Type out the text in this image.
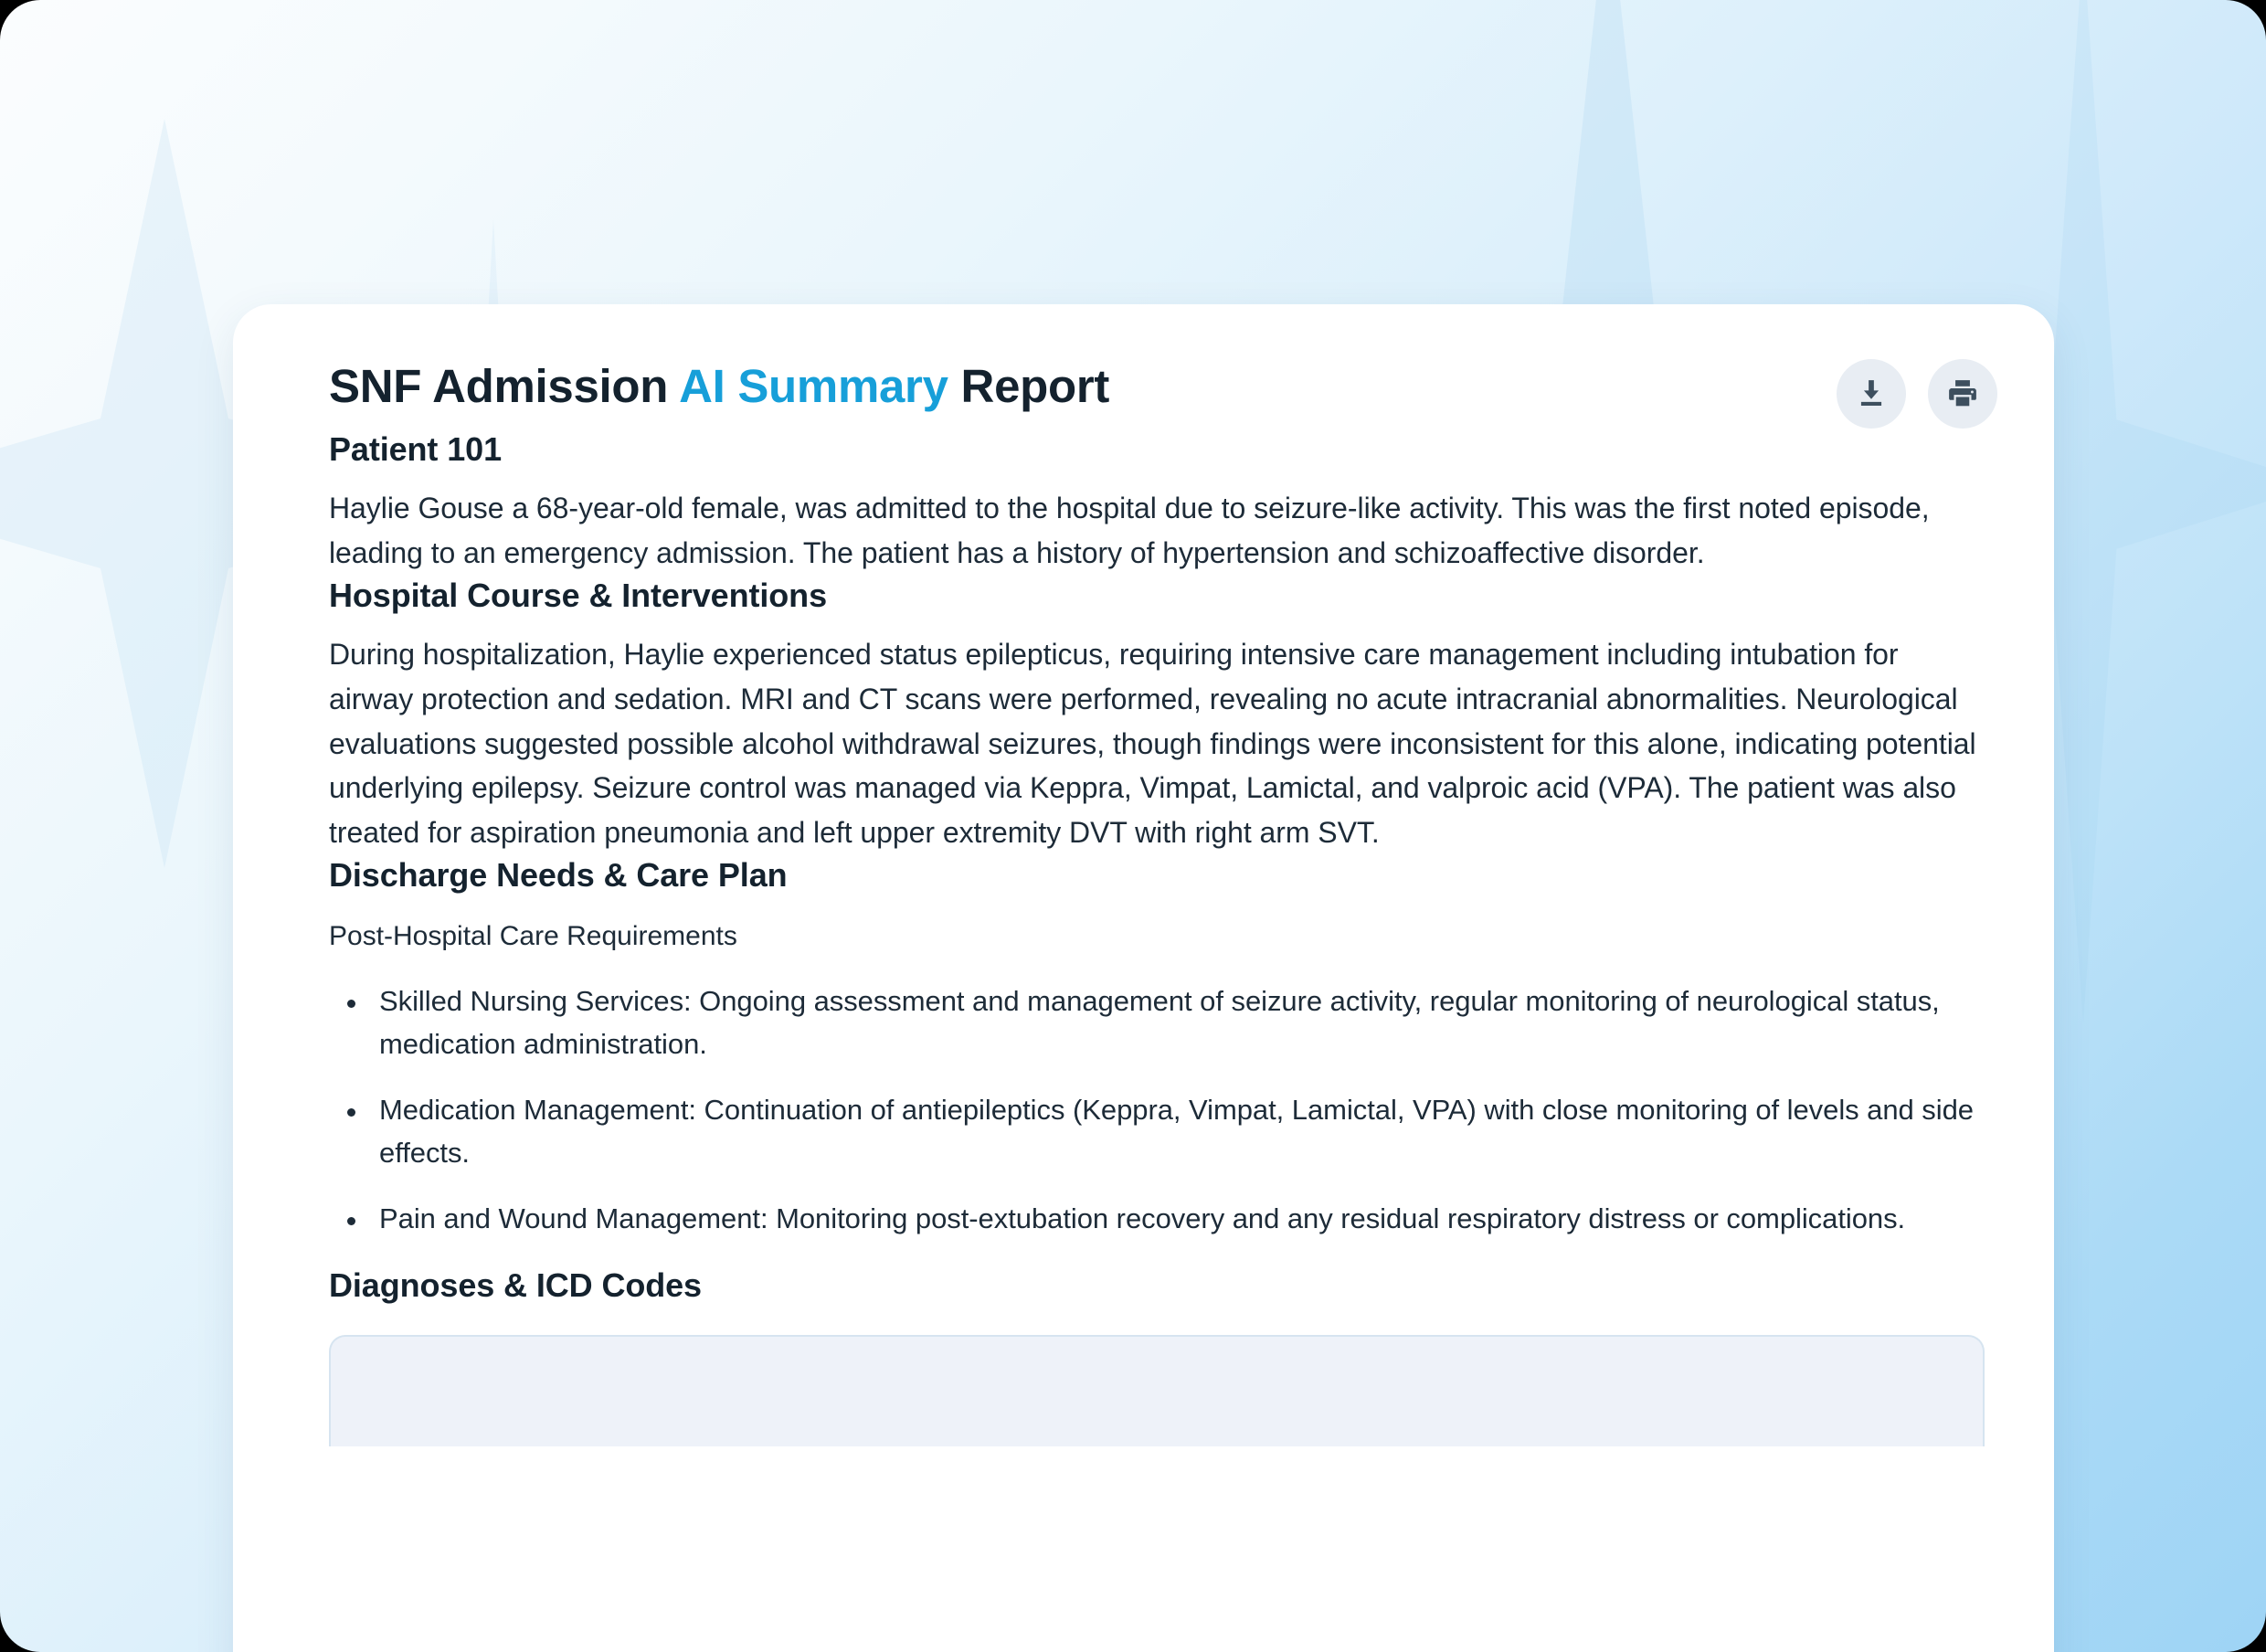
SNF Admission AI Summary Report
Patient 101

Haylie Gouse a 68-year-old female, was admitted to the hospital due to seizure-like activity. This was the first noted episode, leading to an emergency admission. The patient has a history of hypertension and schizoaffective disorder.

Hospital Course & Interventions

During hospitalization, Haylie experienced status epilepticus, requiring intensive care management including intubation for airway protection and sedation. MRI and CT scans were performed, revealing no acute intracranial abnormalities. Neurological evaluations suggested possible alcohol withdrawal seizures, though findings were inconsistent for this alone, indicating potential underlying epilepsy. Seizure control was managed via Keppra, Vimpat, Lamictal, and valproic acid (VPA). The patient was also treated for aspiration pneumonia and left upper extremity DVT with right arm SVT.

Discharge Needs & Care Plan

Post-Hospital Care Requirements

Skilled Nursing Services: Ongoing assessment and management of seizure activity, regular monitoring of neurological status, medication administration.
Medication Management: Continuation of antiepileptics (Keppra, Vimpat, Lamictal, VPA) with close monitoring of levels and side effects.
Pain and Wound Management: Monitoring post-extubation recovery and any residual respiratory distress or complications.
Diagnoses & ICD Codes
